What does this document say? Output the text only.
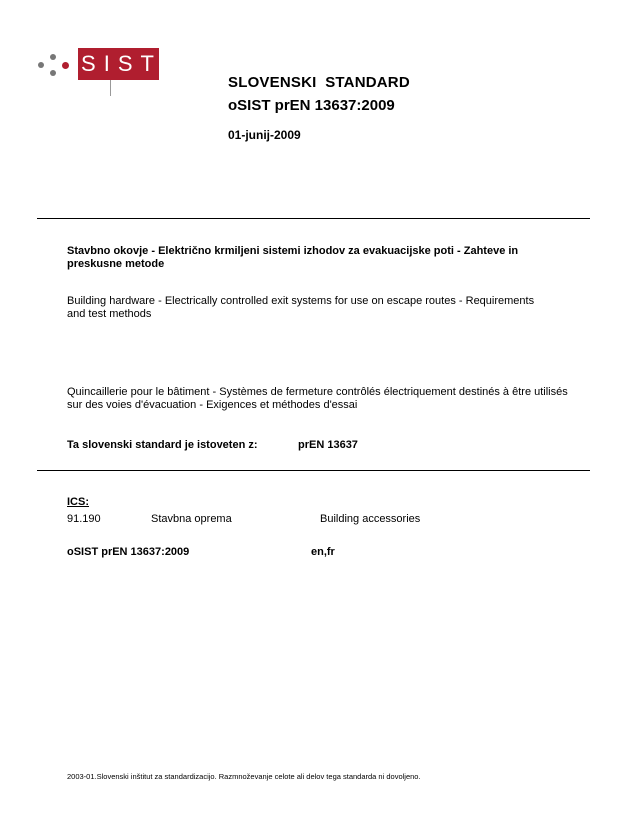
SIST
SLOVENSKI  STANDARD
oSIST prEN 13637:2009
01-junij-2009
Stavbno okovje - Električno krmiljeni sistemi izhodov za evakuacijske poti - Zahteve in preskusne metode
Building hardware - Electrically controlled exit systems for use on escape routes - Requirements and test methods
Quincaillerie pour le bâtiment - Systèmes de fermeture contrôlés électriquement destinés à être utilisés sur des voies d'évacuation - Exigences et méthodes d'essai
Ta slovenski standard je istoveten z:	prEN 13637
ICS:
91.190	Stavbna oprema	Building accessories
oSIST prEN 13637:2009	en,fr
2003-01.Slovenski inštitut za standardizacijo. Razmnoževanje celote ali delov tega standarda ni dovoljeno.
